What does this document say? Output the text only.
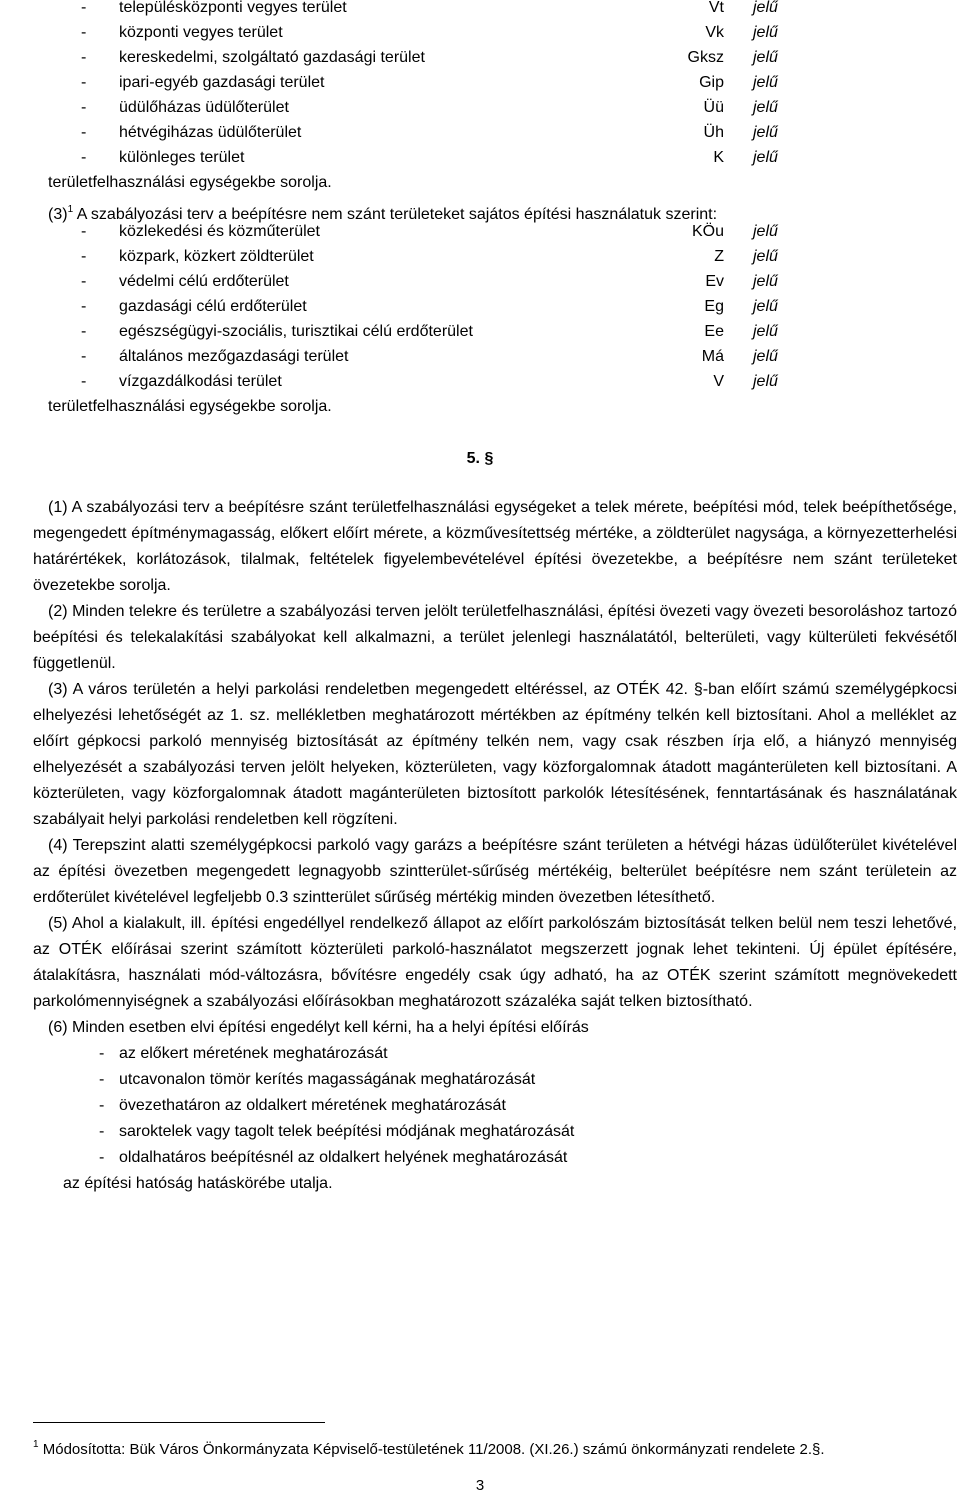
- településközponti vegyes terület	Vt jelű
- központi vegyes terület	Vk jelű
- kereskedelmi, szolgáltató gazdasági terület	Gksz jelű
- ipari-egyéb gazdasági terület	Gip jelű
- üdülőházas üdülőterület	Üü jelű
- hétvégiházas üdülőterület	Üh jelű
- különleges terület	K jelű
területfelhasználási egységekbe sorolja.
$(3)^1$ A szabályozási terv a beépítésre nem szánt területeket sajátos építési használatuk szerint:
- közlekedési és közműterület	KÖu jelű
- közpark, közkert zöldterület	Z jelű
- védelmi célú erdőterület	Ev jelű
- gazdasági célú erdőterület	Eg jelű
- egészségügyi-szociális, turisztikai célú erdőterület	Ee jelű
- általános mezőgazdasági terület	Má jelű
- vízgazdálkodási terület	V jelű
területfelhasználási egységekbe sorolja.
5. §

(1) A szabályozási terv a beépítésre szánt területfelhasználási egységeket a telek mérete, beépítési mód, telek beépíthetősége, megengedett építménymagasság, előkert előírt mérete, a közművesítettség mértéke, a zöldterület nagysága, a környezetterhelési határértékek, korlátozások, tilalmak, feltételek figyelembevételével építési övezetekbe, a beépítésre nem szánt területeket övezetekbe sorolja.

(2) Minden telekre és területre a szabályozási terven jelölt területfelhasználási, építési övezeti vagy övezeti besoroláshoz tartozó beépítési és telekalakítási szabályokat kell alkalmazni, a terület jelenlegi használatától, belterületi, vagy külterületi fekvésétől függetlenül.

(3) A város területén a helyi parkolási rendeletben megengedett eltéréssel, az OTÉK 42. §-ban előírt számú személygépkocsi elhelyezési lehetőségét az 1. sz. mellékletben meghatározott mértékben az építmény telkén kell biztosítani. Ahol a melléklet az előírt gépkocsi parkoló mennyiség biztosítását az építmény telkén nem, vagy csak részben írja elő, a hiányzó mennyiség elhelyezését a szabályozási terven jelölt helyeken, közterületen, vagy közforgalomnak átadott magánterületen kell biztosítani. A közterületen, vagy közforgalomnak átadott magánterületen biztosított parkolók létesítésének, fenntartásának és használatának szabályait helyi parkolási rendeletben kell rögzíteni.

(4) Terepszint alatti személygépkocsi parkoló vagy garázs a beépítésre szánt területen a hétvégi házas üdülőterület kivételével az építési övezetben megengedett legnagyobb szintterület-sűrűség mértékéig, belterület beépítésre nem szánt területein az erdőterület kivételével legfeljebb 0.3 szintterület sűrűség mértékig minden övezetben létesíthető.

(5) Ahol a kialakult, ill. építési engedéllyel rendelkező állapot az előírt parkolószám biztosítását telken belül nem teszi lehetővé, az OTÉK előírásai szerint számított közterületi parkoló-használatot megszerzett jognak lehet tekinteni. Új épület építésére, átalakításra, használati mód-változásra, bővítésre engedély csak úgy adható, ha az OTÉK szerint számított megnövekedett parkolómennyiségnek a szabályozási előírásokban meghatározott százaléka saját telken biztosítható.

(6) Minden esetben elvi építési engedélyt kell kérni, ha a helyi építési előírás

- az előkert méretének meghatározását
- utcavonalon tömör kerítés magasságának meghatározását
- övezethatáron az oldalkert méretének meghatározását
- saroktelek vagy tagolt telek beépítési módjának meghatározását
- oldalhatáros beépítésnél az oldalkert helyének meghatározását

az építési hatóság hatáskörébe utalja.

$^1$ Módosította: Bük Város Önkormányzata Képviselő-testületének 11/2008. (XI.26.) számú önkormányzati rendelete 2.§.
3
